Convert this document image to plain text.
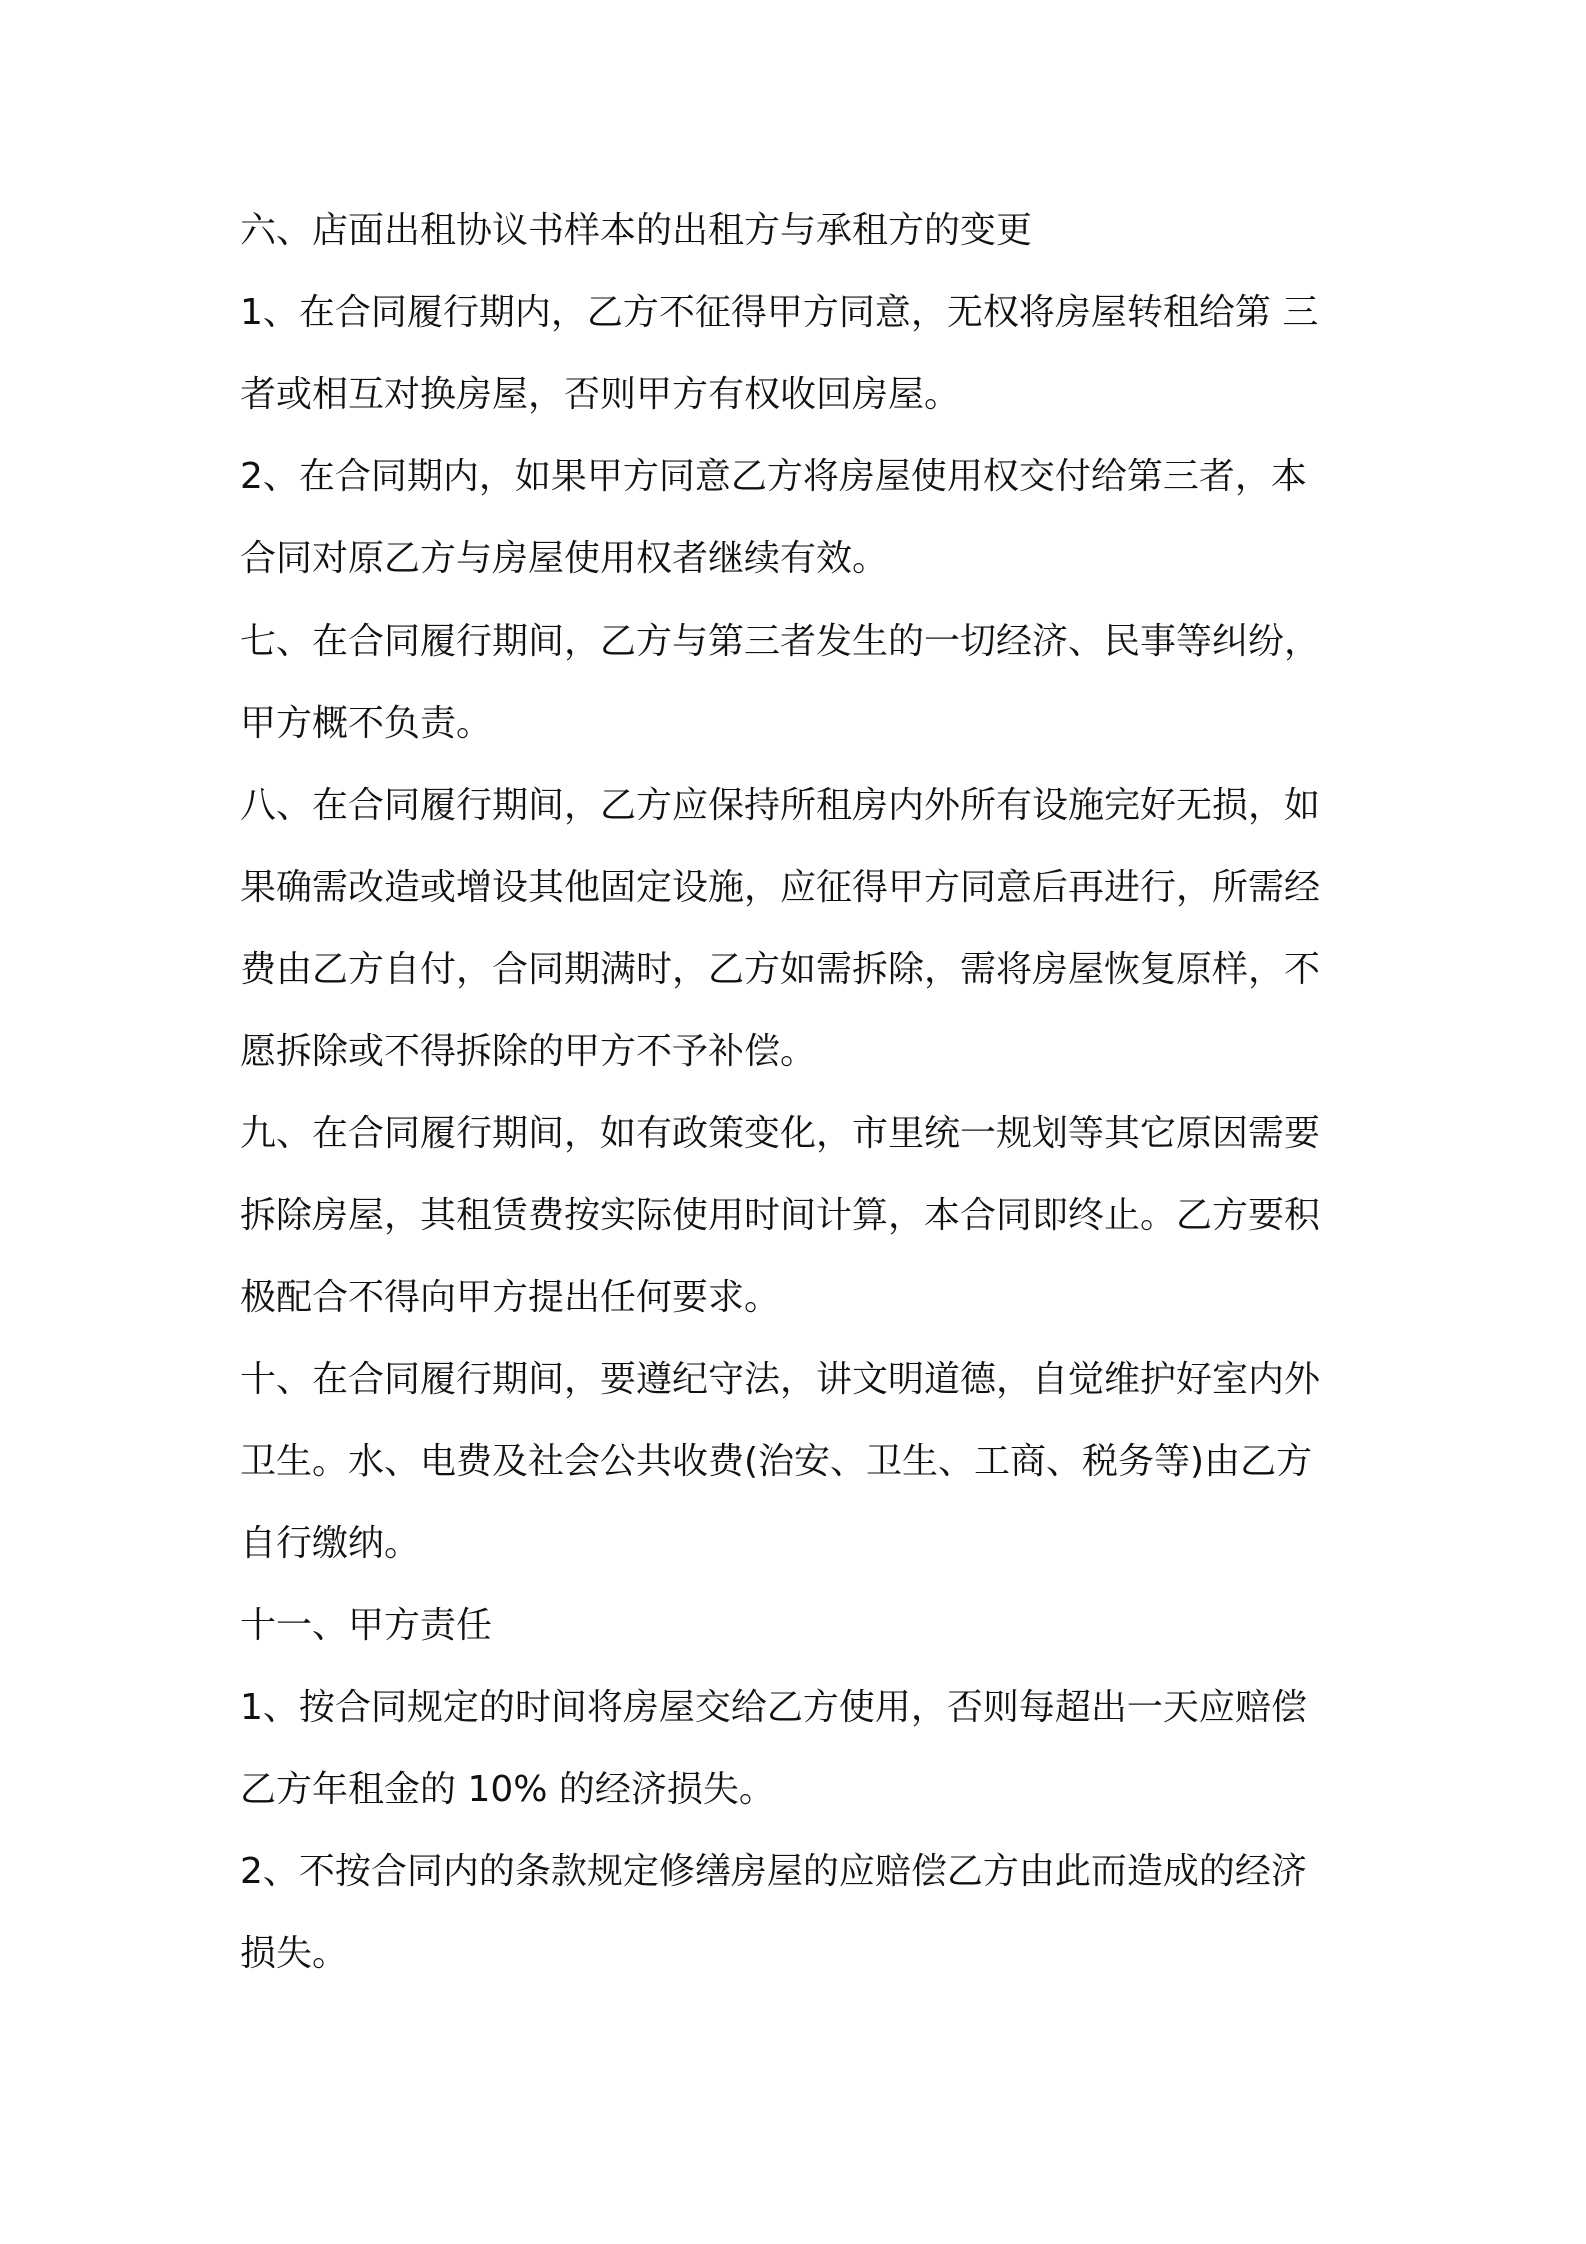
六、店面出租协议书样本的出租方与承租方的变更
1、在合同履行期内，乙方不征得甲方同意，无权将房屋转租给第 三
者或相互对换房屋，否则甲方有权收回房屋。
2、在合同期内，如果甲方同意乙方将房屋使用权交付给第三者，本
合同对原乙方与房屋使用权者继续有效。
七、在合同履行期间，乙方与第三者发生的一切经济、民事等纠纷，
甲方概不负责。
八、在合同履行期间，乙方应保持所租房内外所有设施完好无损，如
果确需改造或增设其他固定设施，应征得甲方同意后再进行，所需经
费由乙方自付，合同期满时，乙方如需拆除，需将房屋恢复原样，不
愿拆除或不得拆除的甲方不予补偿。
九、在合同履行期间，如有政策变化，市里统一规划等其它原因需要
拆除房屋，其租赁费按实际使用时间计算，本合同即终止。乙方要积
极配合不得向甲方提出任何要求。
十、在合同履行期间，要遵纪守法，讲文明道德，自觉维护好室内外
卫生。水、电费及社会公共收费(治安、卫生、工商、税务等)由乙方
自行缴纳。
十一、甲方责任
1、按合同规定的时间将房屋交给乙方使用，否则每超出一天应赔偿
乙方年租金的 10% 的经济损失。
2、不按合同内的条款规定修缮房屋的应赔偿乙方由此而造成的经济
损失。
